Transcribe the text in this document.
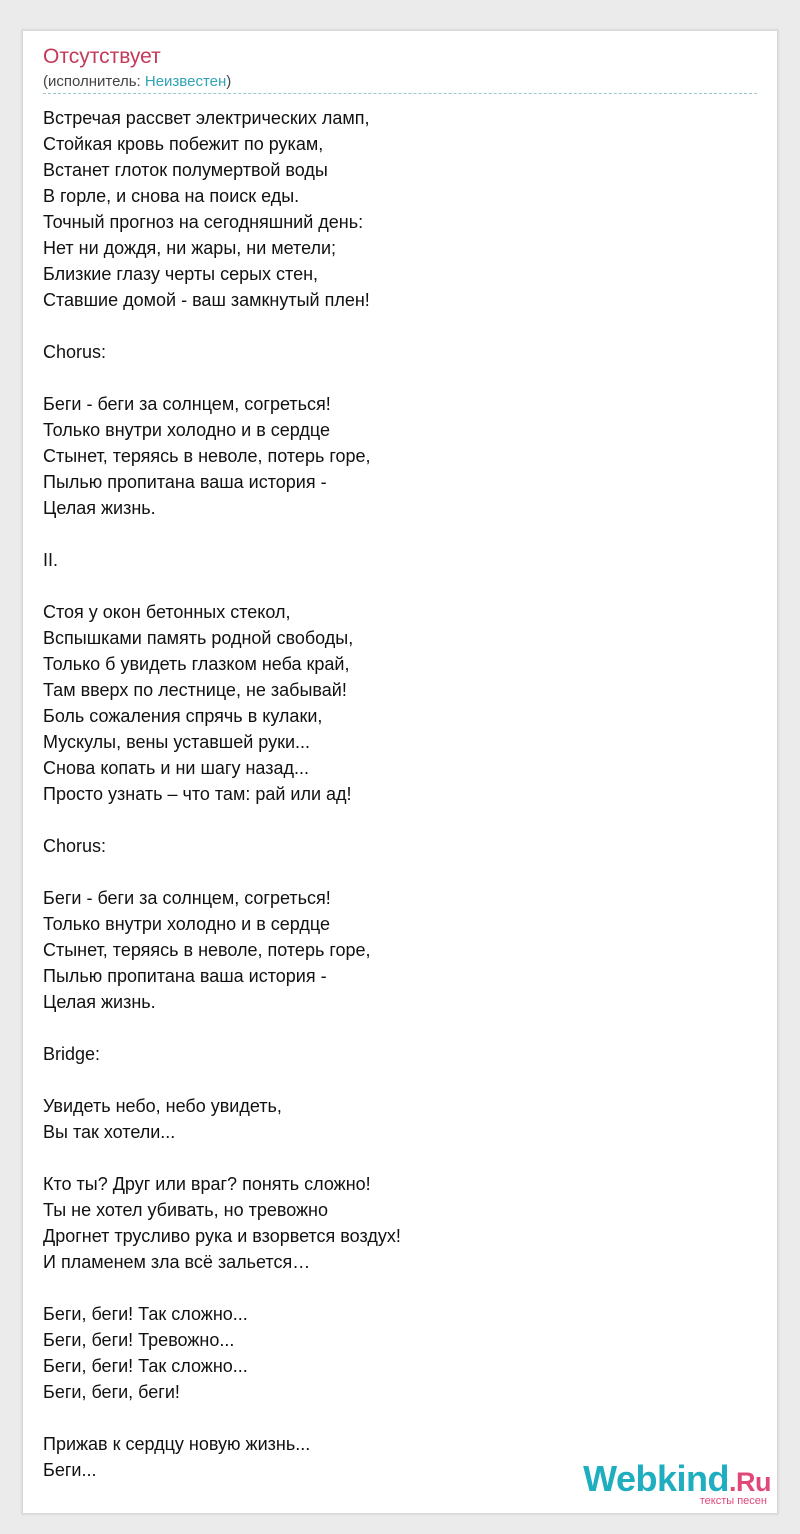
Отсутствует
(исполнитель: Неизвестен)
Встречая рассвет электрических ламп,
Стойкая кровь побежит по рукам,
Встанет глоток полумертвой воды
В горле, и снова на поиск еды.
Точный прогноз на сегодняшний день:
Нет ни дождя, ни жары, ни метели;
Близкие глазу черты серых стен,
Ставшие домой - ваш замкнутый плен!
Chorus:
Беги - беги за солнцем, согреться!
Только внутри холодно и в сердце
Стынет, теряясь в неволе, потерь горе,
Пылью пропитана ваша история -
Целая жизнь.
II.
Стоя у окон бетонных стекол,
Вспышками память родной свободы,
Только б увидеть глазком неба край,
Там вверх по лестнице, не забывай!
Боль сожаления спрячь в кулаки,
Мускулы, вены уставшей руки...
Снова копать и ни шагу назад...
Просто узнать – что там: рай или ад!
Chorus:
Беги - беги за солнцем, согреться!
Только внутри холодно и в сердце
Стынет, теряясь в неволе, потерь горе,
Пылью пропитана ваша история -
Целая жизнь.
Bridge:
Увидеть небо, небо увидеть,
Вы так хотели...
Кто ты? Друг или враг? понять сложно!
Ты не хотел убивать, но тревожно
Дрогнет трусливо рука и взорвется воздух!
И пламенем зла всё зальется…
Беги, беги! Так сложно...
Беги, беги! Тревожно...
Беги, беги! Так сложно...
Беги, беги, беги!
Прижав к сердцу новую жизнь...
Беги...	Webkind.Ru
тексты песен
